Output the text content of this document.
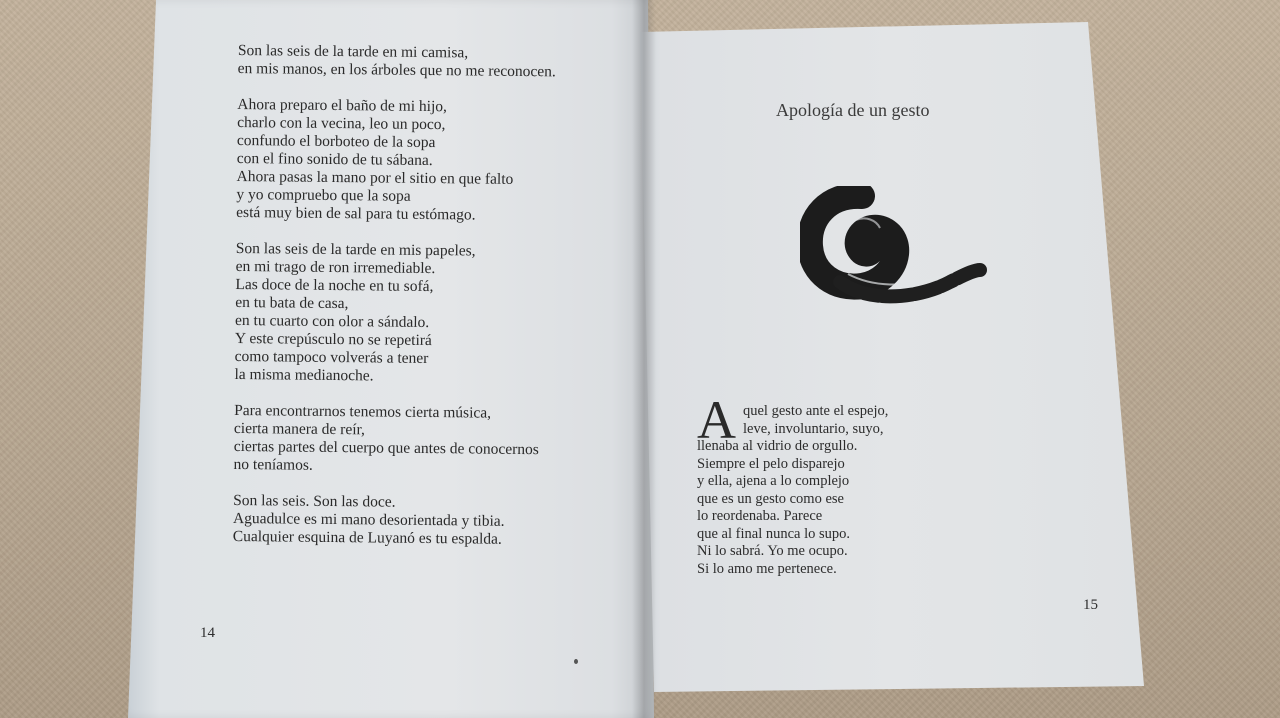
Son las seis de la tarde en mi camisa,
en mis manos, en los árboles que no me reconocen.
Ahora preparo el baño de mi hijo,
charlo con la vecina, leo un poco,
confundo el borboteo de la sopa
con el fino sonido de tu sábana.
Ahora pasas la mano por el sitio en que falto
y yo compruebo que la sopa
está muy bien de sal para tu estómago.
Son las seis de la tarde en mis papeles,
en mi trago de ron irremediable.
Las doce de la noche en tu sofá,
en tu bata de casa,
en tu cuarto con olor a sándalo.
Y este crepúsculo no se repetirá
como tampoco volverás a tener
la misma medianoche.
Para encontrarnos tenemos cierta música,
cierta manera de reír,
ciertas partes del cuerpo que antes de conocernos
no teníamos.
Son las seis. Son las doce.
Aguadulce es mi mano desorientada y tibia.
Cualquier esquina de Luyanó es tu espalda.
14
Apología de un gesto
A quel gesto ante el espejo,
leve, involuntario, suyo,
llenaba al vidrio de orgullo.
Siempre el pelo disparejo
y ella, ajena a lo complejo
que es un gesto como ese
lo reordenaba. Parece
que al final nunca lo supo.
Ni lo sabrá. Yo me ocupo.
Si lo amo me pertenece.
15
